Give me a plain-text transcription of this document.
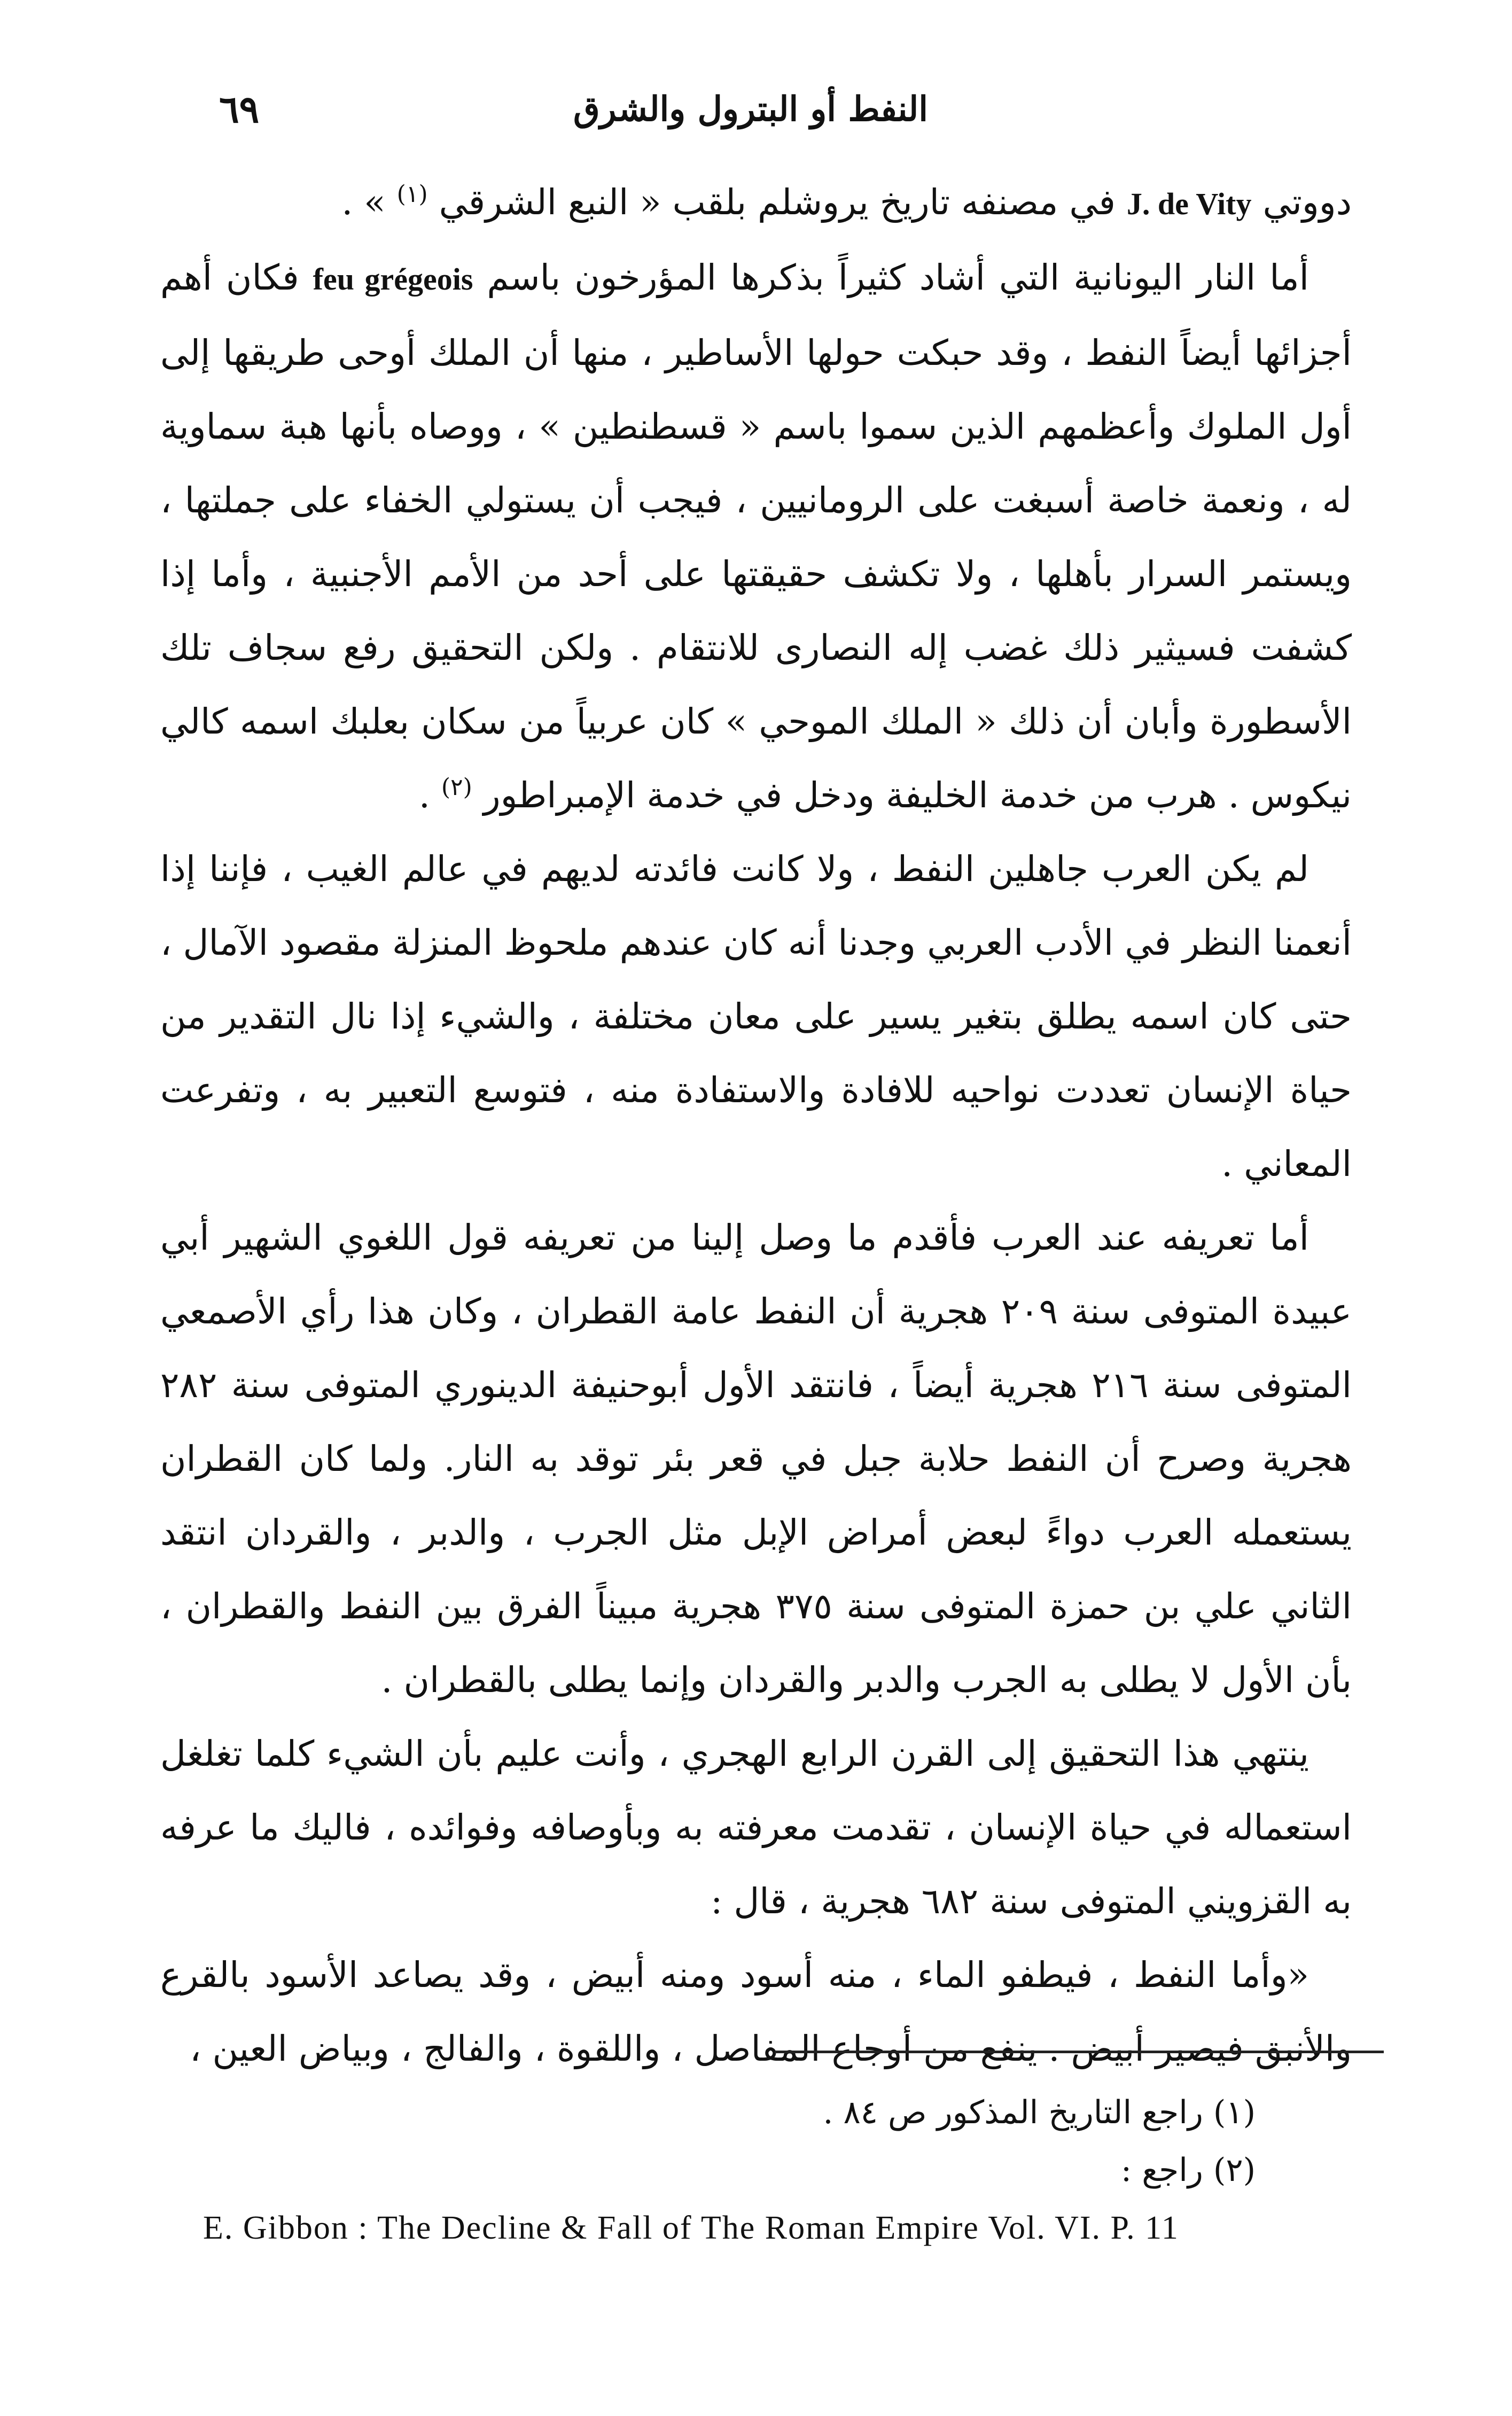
النفط أو البترول والشرق
٦٩

دووتي J. de Vity في مصنفه تاريخ يروشلم بلقب « النبع الشرقي $^{(١)}$ » .

أما النار اليونانية التي أشاد كثيراً بذكرها المؤرخون باسم feu grégeois فكان أهم أجزائها أيضاً النفط ، وقد حبكت حولها الأساطير ، منها أن الملك أوحى طريقها إلى أول الملوك وأعظمهم الذين سموا باسم « قسطنطين » ، ووصاه بأنها هبة سماوية له ، ونعمة خاصة أسبغت على الرومانيين ، فيجب أن يستولي الخفاء على جملتها ، ويستمر السرار بأهلها ، ولا تكشف حقيقتها على أحد من الأمم الأجنبية ، وأما إذا كشفت فسيثير ذلك غضب إله النصارى للانتقام . ولكن التحقيق رفع سجاف تلك الأسطورة وأبان أن ذلك « الملك الموحي » كان عربياً من سكان بعلبك اسمه كالي نيكوس . هرب من خدمة الخليفة ودخل في خدمة الإمبراطور $^{(٢)}$ .

لم يكن العرب جاهلين النفط ، ولا كانت فائدته لديهم في عالم الغيب ، فإننا إذا أنعمنا النظر في الأدب العربي وجدنا أنه كان عندهم ملحوظ المنزلة مقصود الآمال ، حتى كان اسمه يطلق بتغير يسير على معان مختلفة ، والشيء إذا نال التقدير من حياة الإنسان تعددت نواحيه للافادة والاستفادة منه ، فتوسع التعبير به ، وتفرعت المعاني .

أما تعريفه عند العرب فأقدم ما وصل إلينا من تعريفه قول اللغوي الشهير أبي عبيدة المتوفى سنة ٢٠٩ هجرية أن النفط عامة القطران ، وكان هذا رأي الأصمعي المتوفى سنة ٢١٦ هجرية أيضاً ، فانتقد الأول أبوحنيفة الدينوري المتوفى سنة ٢٨٢ هجرية وصرح أن النفط حلابة جبل في قعر بئر توقد به النار. ولما كان القطران يستعمله العرب دواءً لبعض أمراض الإبل مثل الجرب ، والدبر ، والقردان انتقد الثاني علي بن حمزة المتوفى سنة ٣٧٥ هجرية مبيناً الفرق بين النفط والقطران ، بأن الأول لا يطلى به الجرب والدبر والقردان وإنما يطلى بالقطران .

ينتهي هذا التحقيق إلى القرن الرابع الهجري ، وأنت علیم بأن الشيء كلما تغلغل استعماله في حياة الإنسان ، تقدمت معرفته به وبأوصافه وفوائده ، فاليك ما عرفه به القزويني المتوفى سنة ٦٨٢ هجرية ، قال :

«وأما النفط ، فيطفو الماء ، منه أسود ومنه أبيض ، وقد يصاعد الأسود بالقرع والأنبق فيصير أبيض . ينفع من أوجاع المفاصل ، واللقوة ، والفالج ، وبياض العين ،

(١) راجع التاريخ المذكور ص ٨٤ .

(٢) راجع :

E. Gibbon : The Decline & Fall of The Roman Empire Vol. VI. P. 11
